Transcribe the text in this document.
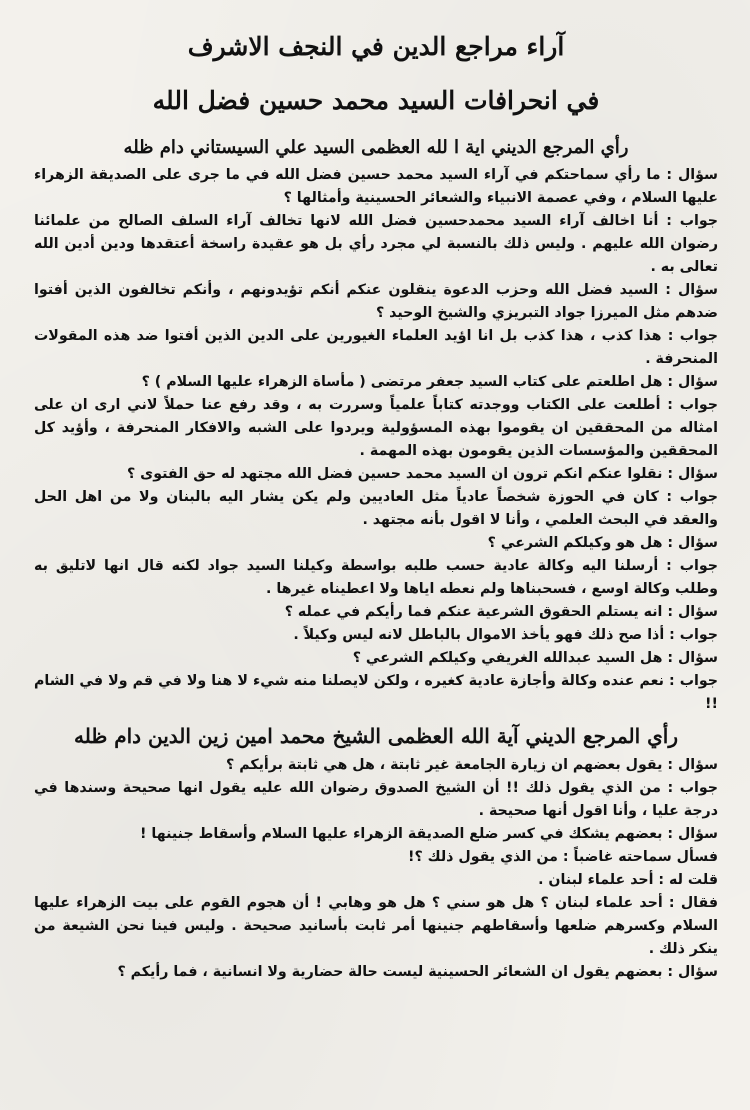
آراء مراجع الدين في النجف الاشرف
في انحرافات السيد محمد حسين فضل الله
رأي المرجع الديني اية ا لله العظمى السيد علي السيستاني دام ظله

سؤال : ما رأي سماحتكم في آراء السيد محمد حسين فضل الله في ما جرى على الصديقة الزهراء عليها السلام ، وفي عصمة الانبياء والشعائر الحسينية وأمثالها ؟

جواب : أنا اخالف آراء السيد محمدحسين فضل الله لانها تخالف آراء السلف الصالح من علمائنا رضوان الله عليهم . وليس ذلك بالنسبة لي مجرد رأي بل هو عقيدة راسخة أعتقدها ودين أدين الله تعالى به .

سؤال : السيد فضل الله وحزب الدعوة ينقلون عنكم أنكم تؤيدونهم ، وأنكم تخالفون الذين أفتوا ضدهم مثل الميرزا جواد التبريزي والشيخ الوحيد ؟

جواب : هذا كذب ، هذا كذب بل انا اؤيد العلماء الغيورين على الدين الذين أفتوا ضد هذه المقولات المنحرفة .

سؤال : هل اطلعتم على كتاب السيد جعفر مرتضى ( مأساة الزهراء عليها السلام ) ؟

جواب : أطلعت على الكتاب ووجدته كتاباً علمياً وسررت به ، وقد رفع عنا حملاً لاني ارى ان على امثاله من المحققين ان يقوموا بهذه المسؤولية ويردوا على الشبه والافكار المنحرفة ، وأؤيد كل المحققين والمؤسسات الذين يقومون بهذه المهمة .

سؤال : نقلوا عنكم انكم ترون ان السيد محمد حسين فضل الله مجتهد له حق الفتوى ؟

جواب : كان في الحوزة شخصاً عادياً مثل العاديين ولم يكن يشار اليه بالبنان ولا من اهل الحل والعقد في البحث العلمي ، وأنا لا اقول بأنه مجتهد .

سؤال : هل هو وكيلكم الشرعي ؟

جواب : أرسلنا اليه وكالة عادية حسب طلبه بواسطة وكيلنا السيد جواد لكنه قال انها لاتليق به وطلب وكالة اوسع ، فسحبناها ولم نعطه اياها ولا اعطيناه غيرها .

سؤال : انه يستلم الحقوق الشرعية عنكم فما رأيكم في عمله ؟

جواب : أذا صح ذلك فهو يأخذ الاموال بالباطل لانه ليس وكيلاً .

سؤال : هل السيد عبدالله الغريفي وكيلكم الشرعي ؟

جواب : نعم عنده وكالة وأجازة عادية كغيره ، ولكن لايصلنا منه شيء لا هنا ولا في قم ولا في الشام !!

رأي المرجع الديني آية الله العظمى الشيخ محمد امين زين الدين دام ظله

سؤال : يقول بعضهم ان زيارة الجامعة غير ثابتة ، هل هي ثابتة برأيكم ؟

جواب : من الذي يقول ذلك !! أن الشيخ الصدوق رضوان الله عليه يقول انها صحيحة وسندها في درجة عليا ، وأنا اقول أنها صحيحة .

سؤال : بعضهم يشكك في كسر ضلع الصديقة الزهراء عليها السلام وأسقاط جنينها !

فسأل سماحته غاضباً : من الذي يقول ذلك ؟!

قلت له : أحد علماء لبنان .

فقال : أحد علماء لبنان ؟ هل هو سني ؟ هل هو وهابي ! أن هجوم القوم على بيت الزهراء عليها السلام وكسرهم ضلعها وأسقاطهم جنينها أمر ثابت بأسانيد صحيحة . وليس فينا نحن الشيعة من ينكر ذلك .

سؤال : بعضهم يقول ان الشعائر الحسينية ليست حالة حضارية ولا انسانية ، فما رأيكم ؟
